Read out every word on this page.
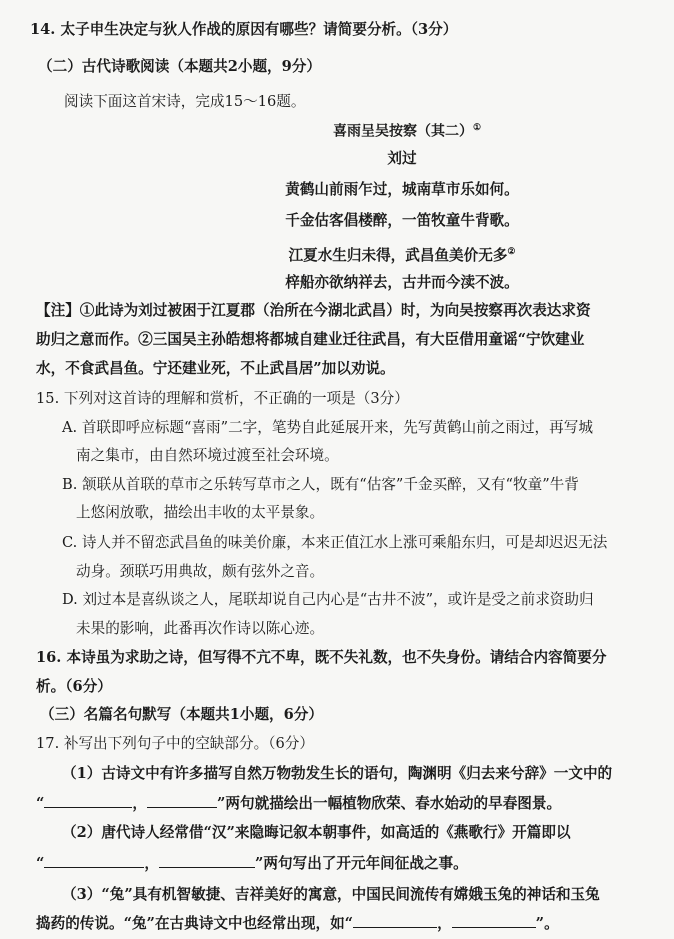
14. 太子申生决定与狄人作战的原因有哪些？请简要分析。（3分）
（二）古代诗歌阅读（本题共2小题，9分）
阅读下面这首宋诗，完成15～16题。
喜雨呈吴按察（其二）①
刘过
黄鹤山前雨乍过，城南草市乐如何。
千金估客倡楼醉，一笛牧童牛背歌。
江夏水生归未得，武昌鱼美价无多②
梓船亦欲纳祥去，古井而今渎不波。
【注】①此诗为刘过被困于江夏郡（治所在今湖北武昌）时，为向吴按察再次表达求资
助归之意而作。②三国吴主孙皓想将都城自建业迁往武昌，有大臣借用童谣“宁饮建业
水，不食武昌鱼。宁还建业死，不止武昌居”加以劝说。
15. 下列对这首诗的理解和赏析，不正确的一项是（3分）
A. 首联即呼应标题“喜雨”二字，笔势自此延展开来，先写黄鹤山前之雨过，再写城
南之集市，由自然环境过渡至社会环境。
B. 颔联从首联的草市之乐转写草市之人，既有“估客”千金买醉，又有“牧童”牛背
上悠闲放歌，描绘出丰收的太平景象。
C. 诗人并不留恋武昌鱼的味美价廉，本来正值江水上涨可乘船东归，可是却迟迟无法
动身。颈联巧用典故，颇有弦外之音。
D. 刘过本是喜纵谈之人，尾联却说自己内心是“古井不波”，或许是受之前求资助归
未果的影响，此番再次作诗以陈心迹。
16. 本诗虽为求助之诗，但写得不亢不卑，既不失礼数，也不失身份。请结合内容简要分
析。（6分）
（三）名篇名句默写（本题共1小题，6分）
17. 补写出下列句子中的空缺部分。（6分）
（1）古诗文中有许多描写自然万物勃发生长的语句，陶渊明《归去来兮辞》一文中的
“	，	”两句就描绘出一幅植物欣荣、春水始动的早春图景。
（2）唐代诗人经常借“汉”来隐晦记叙本朝事件，如高适的《燕歌行》开篇即以
“	，	”两句写出了开元年间征战之事。
（3）“兔”具有机智敏捷、吉祥美好的寓意，中国民间流传有嫦娥玉兔的神话和玉兔
捣药的传说。“兔”在古典诗文中也经常出现，如“	，	”。
